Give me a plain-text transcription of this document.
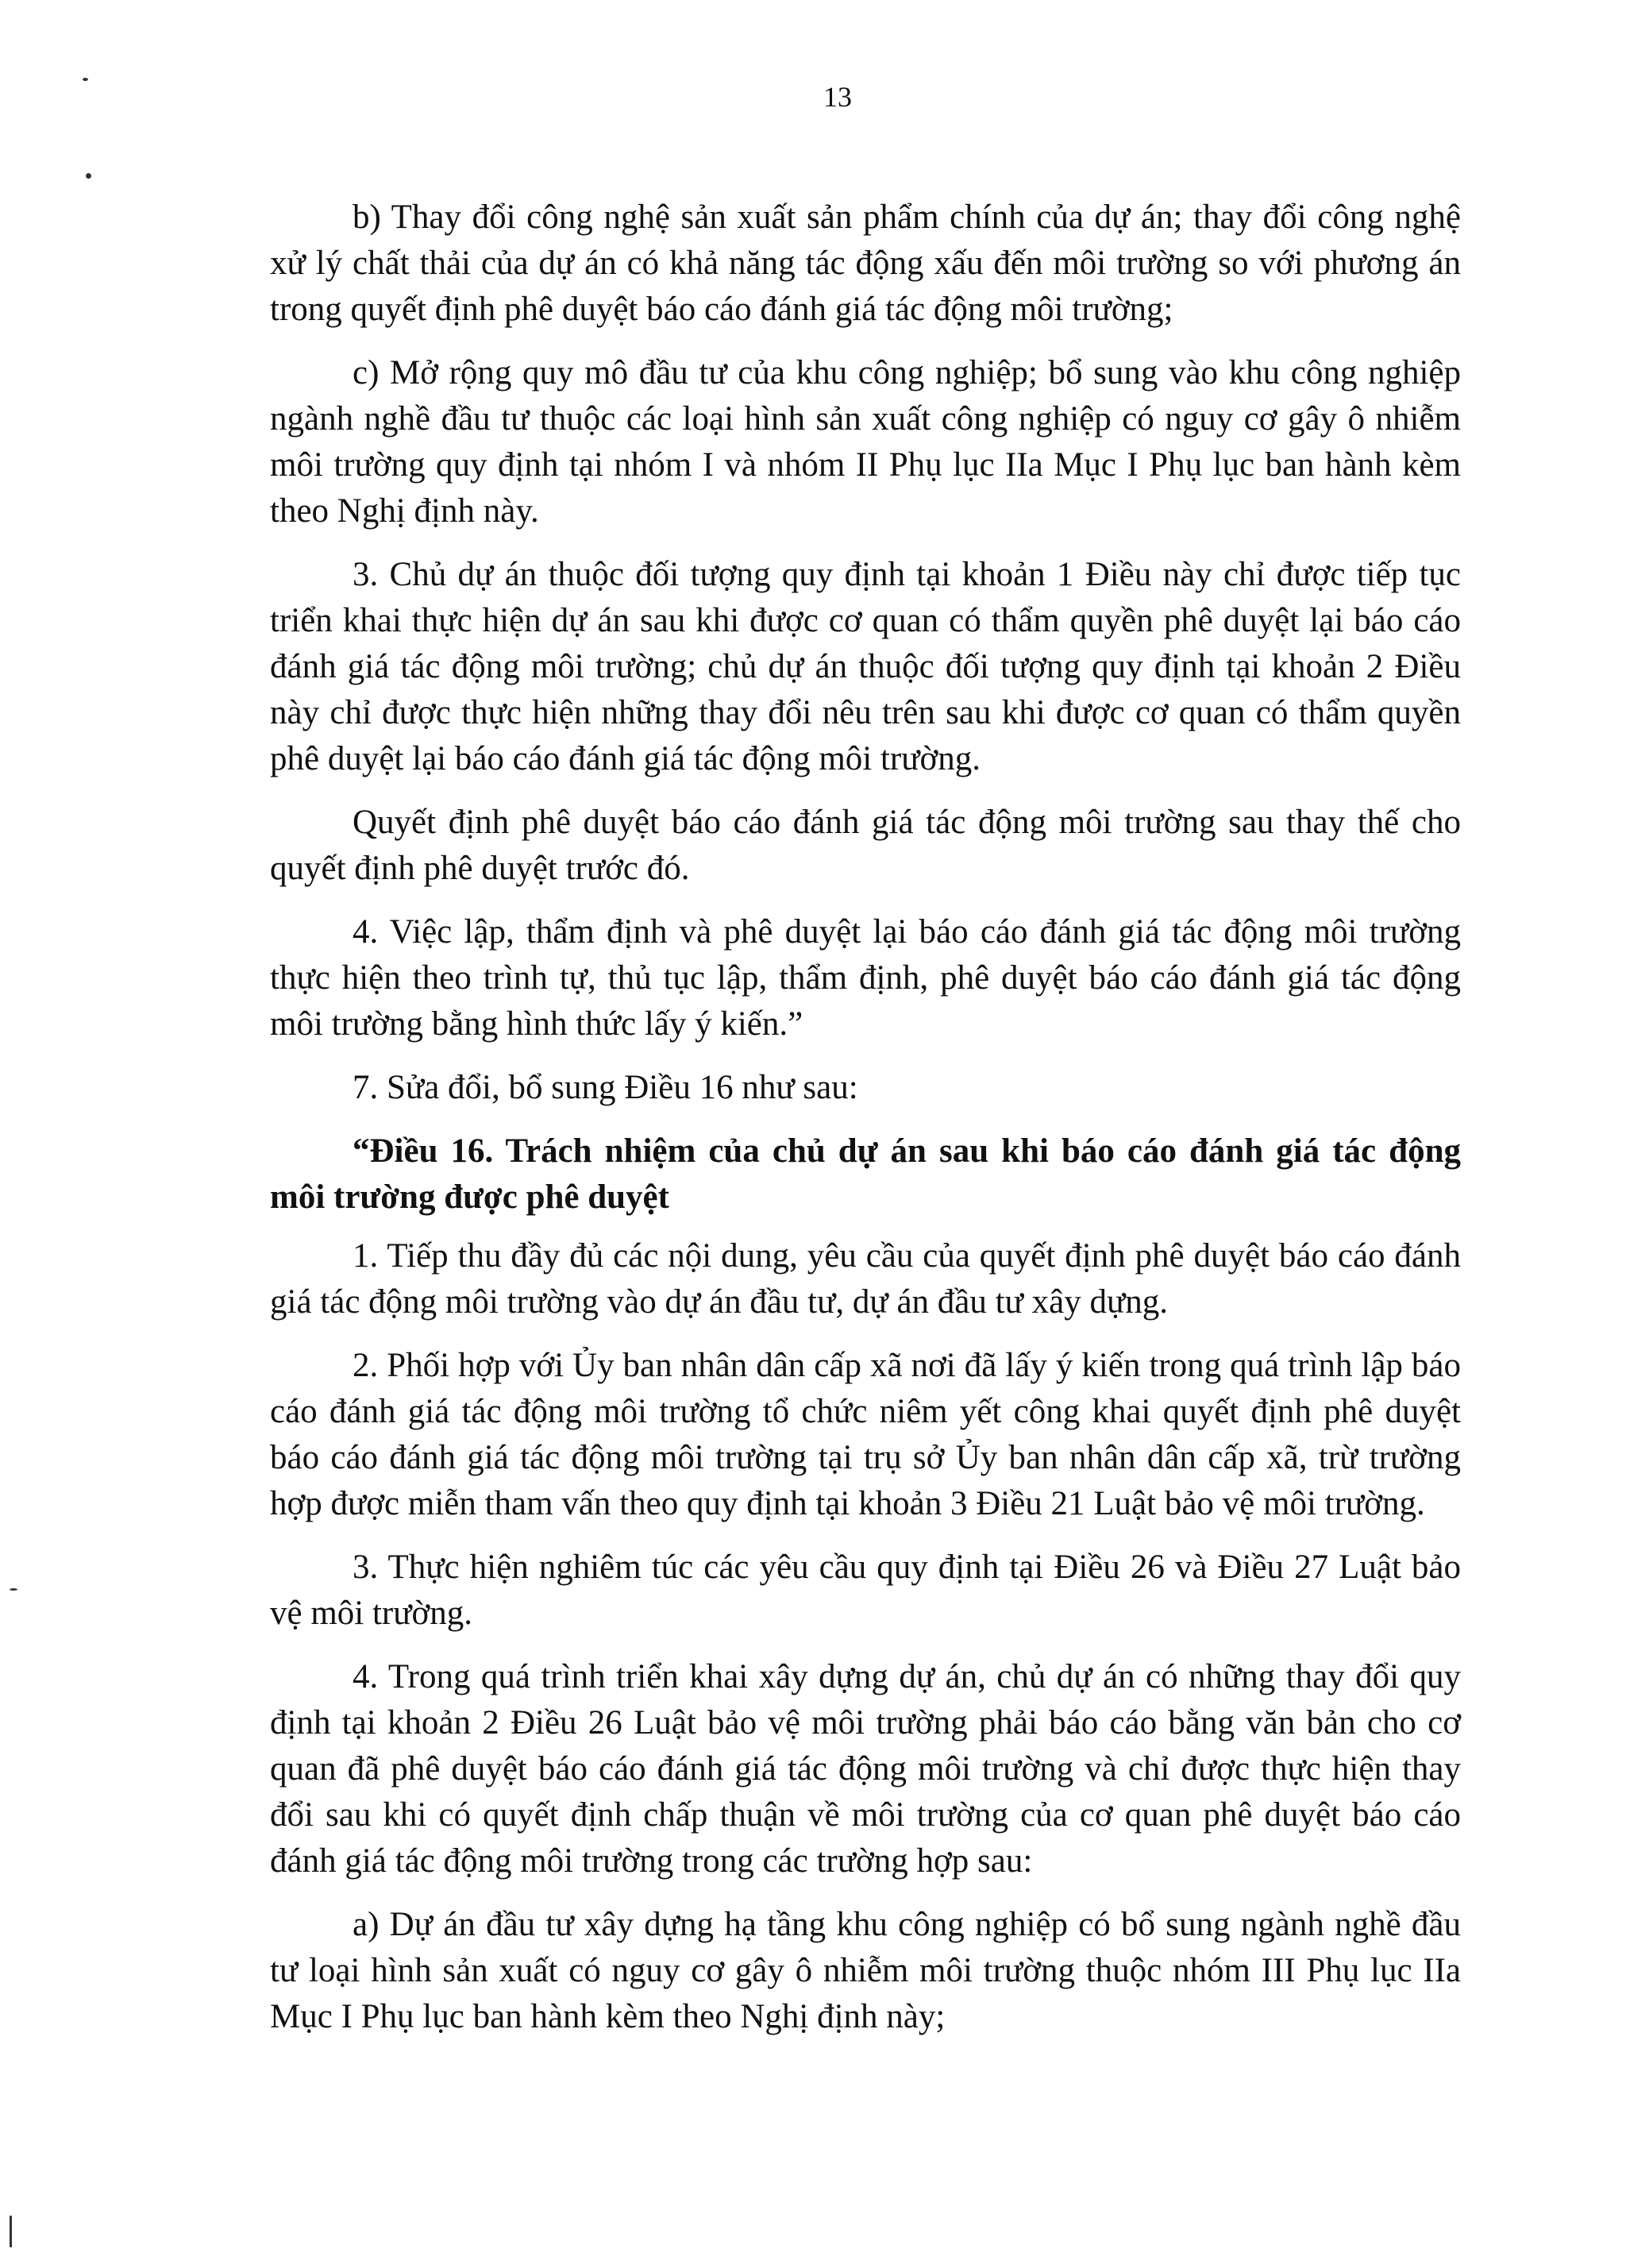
13

b) Thay đổi công nghệ sản xuất sản phẩm chính của dự án; thay đổi công nghệ xử lý chất thải của dự án có khả năng tác động xấu đến môi trường so với phương án trong quyết định phê duyệt báo cáo đánh giá tác động môi trường;

c) Mở rộng quy mô đầu tư của khu công nghiệp; bổ sung vào khu công nghiệp ngành nghề đầu tư thuộc các loại hình sản xuất công nghiệp có nguy cơ gây ô nhiễm môi trường quy định tại nhóm I và nhóm II Phụ lục IIa Mục I Phụ lục ban hành kèm theo Nghị định này.

3. Chủ dự án thuộc đối tượng quy định tại khoản 1 Điều này chỉ được tiếp tục triển khai thực hiện dự án sau khi được cơ quan có thẩm quyền phê duyệt lại báo cáo đánh giá tác động môi trường; chủ dự án thuộc đối tượng quy định tại khoản 2 Điều này chỉ được thực hiện những thay đổi nêu trên sau khi được cơ quan có thẩm quyền phê duyệt lại báo cáo đánh giá tác động môi trường.

Quyết định phê duyệt báo cáo đánh giá tác động môi trường sau thay thế cho quyết định phê duyệt trước đó.

4. Việc lập, thẩm định và phê duyệt lại báo cáo đánh giá tác động môi trường thực hiện theo trình tự, thủ tục lập, thẩm định, phê duyệt báo cáo đánh giá tác động môi trường bằng hình thức lấy ý kiến.”

7. Sửa đổi, bổ sung Điều 16 như sau:

“Điều 16. Trách nhiệm của chủ dự án sau khi báo cáo đánh giá tác động môi trường được phê duyệt

1. Tiếp thu đầy đủ các nội dung, yêu cầu của quyết định phê duyệt báo cáo đánh giá tác động môi trường vào dự án đầu tư, dự án đầu tư xây dựng.

2. Phối hợp với Ủy ban nhân dân cấp xã nơi đã lấy ý kiến trong quá trình lập báo cáo đánh giá tác động môi trường tổ chức niêm yết công khai quyết định phê duyệt báo cáo đánh giá tác động môi trường tại trụ sở Ủy ban nhân dân cấp xã, trừ trường hợp được miễn tham vấn theo quy định tại khoản 3 Điều 21 Luật bảo vệ môi trường.

3. Thực hiện nghiêm túc các yêu cầu quy định tại Điều 26 và Điều 27 Luật bảo vệ môi trường.

4. Trong quá trình triển khai xây dựng dự án, chủ dự án có những thay đổi quy định tại khoản 2 Điều 26 Luật bảo vệ môi trường phải báo cáo bằng văn bản cho cơ quan đã phê duyệt báo cáo đánh giá tác động môi trường và chỉ được thực hiện thay đổi sau khi có quyết định chấp thuận về môi trường của cơ quan phê duyệt báo cáo đánh giá tác động môi trường trong các trường hợp sau:

a) Dự án đầu tư xây dựng hạ tầng khu công nghiệp có bổ sung ngành nghề đầu tư loại hình sản xuất có nguy cơ gây ô nhiễm môi trường thuộc nhóm III Phụ lục IIa Mục I Phụ lục ban hành kèm theo Nghị định này;
